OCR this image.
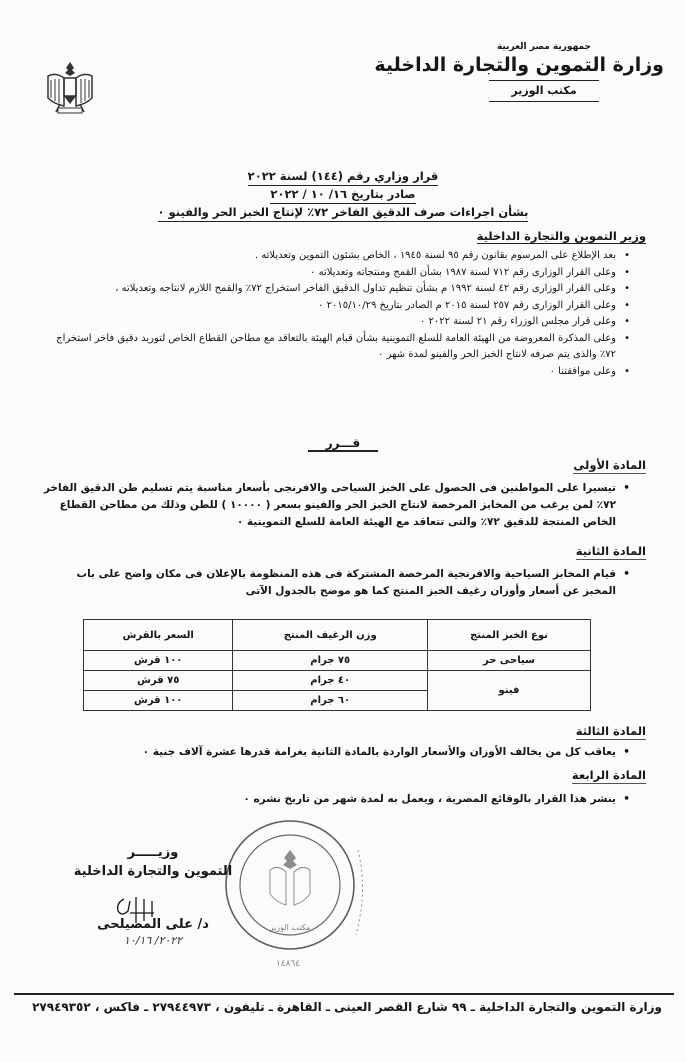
جمهورية مصر العربية
وزارة التموين والتجارة الداخلية
مكتب الوزير
قرار وزاري رقم (١٤٤) لسنة ٢٠٢٢
صادر بتاريخ ١٦/ ١٠ / ٢٠٢٢
بشأن اجراءات صرف الدقيق الفاخر ٧٢٪ لإنتاج الخبز الحر والفينو ٠
وزير التموين والتجارة الداخلية
• بعد الإطلاع على المرسوم بقانون رقم ٩٥ لسنة ١٩٤٥ ، الخاص بشئون التموين وتعديلاته .
• وعلى القرار الوزارى رقم ٧١٢ لسنة ١٩٨٧ بشأن القمح ومنتجاته وتعديلاته ٠
• وعلى القرار الوزارى رقم ٤٢ لسنة ١٩٩٢ م بشأن تنظيم تداول الدقيق الفاخر استخراج ٧٢٪ والقمح اللازم لانتاجه وتعديلاته ،
• وعلى القرار الوزارى رقم ٢٥٧ لسنة ٢٠١٥ م الصادر بتاريخ ٢٠١٥/١٠/٢٩ ٠
• وعلى قرار مجلس الوزراء رقم ٢١ لسنة ٢٠٢٢ ٠
• وعلى المذكرة المعروضة من الهيئة العامة للسلع التموينية بشأن قيام الهيئة بالتعاقد مع مطاحن القطاع الخاص لتوريد دقيق فاخر استخراج ٧٢٪ والذى يتم صرفه لانتاج الخبز الحر والفينو لمدة شهر ٠
• وعلى موافقتنا ٠
قـــرر
المادة الأولى

• تيسيرا على المواطنين فى الحصول على الخبز السياحى والافرنجى بأسعار مناسبة يتم تسليم طن الدقيق الفاخر ٧٢٪ لمن يرغب من المخابز المرخصة لانتاج الخبز الحر والفينو بسعر ( ١٠٠٠٠ ) للطن وذلك من مطاحن القطاع الخاص المنتجة للدقيق ٧٢٪ والتى تتعاقد مع الهيئة العامة للسلع التموينية ٠

المادة الثانية

• قيام المخابز السياحية والافرنجية المرخصة المشتركة فى هذه المنظومة بالإعلان فى مكان واضح على باب المخبز عن أسعار وأوزان رغيف الخبز المنتج كما هو موضح بالجدول الآتى

نوع الخبز المنتج	وزن الرغيف المنتج	السعر بالقرش
سياحى حر	٧٥ جرام	١٠٠ قرش
فينو	٤٠ جرام	٧٥ قرش
	٦٠ جرام	١٠٠ قرش
المادة الثالثة

• يعاقب كل من يخالف الأوزان والأسعار الواردة بالمادة الثانية بغرامة قدرها عشرة آلاف جنية ٠

المادة الرابعة

• ينشر هذا القرار بالوقائع المصرية ، ويعمل به لمدة شهر من تاريخ نشره ٠

مكتب الوزير
١٤٨٦٤
وزيـــــر
التموين والتجارة الداخلية
د/ على المصيلحى
٢٠٢٢/ ١٠/١٦
وزارة التموين والتجارة الداخلية ـ ٩٩ شارع القصر العينى ـ القاهرة ـ تليفون ، ٢٧٩٤٤٩٧٣ ـ فاكس ، ٢٧٩٤٩٣٥٢
